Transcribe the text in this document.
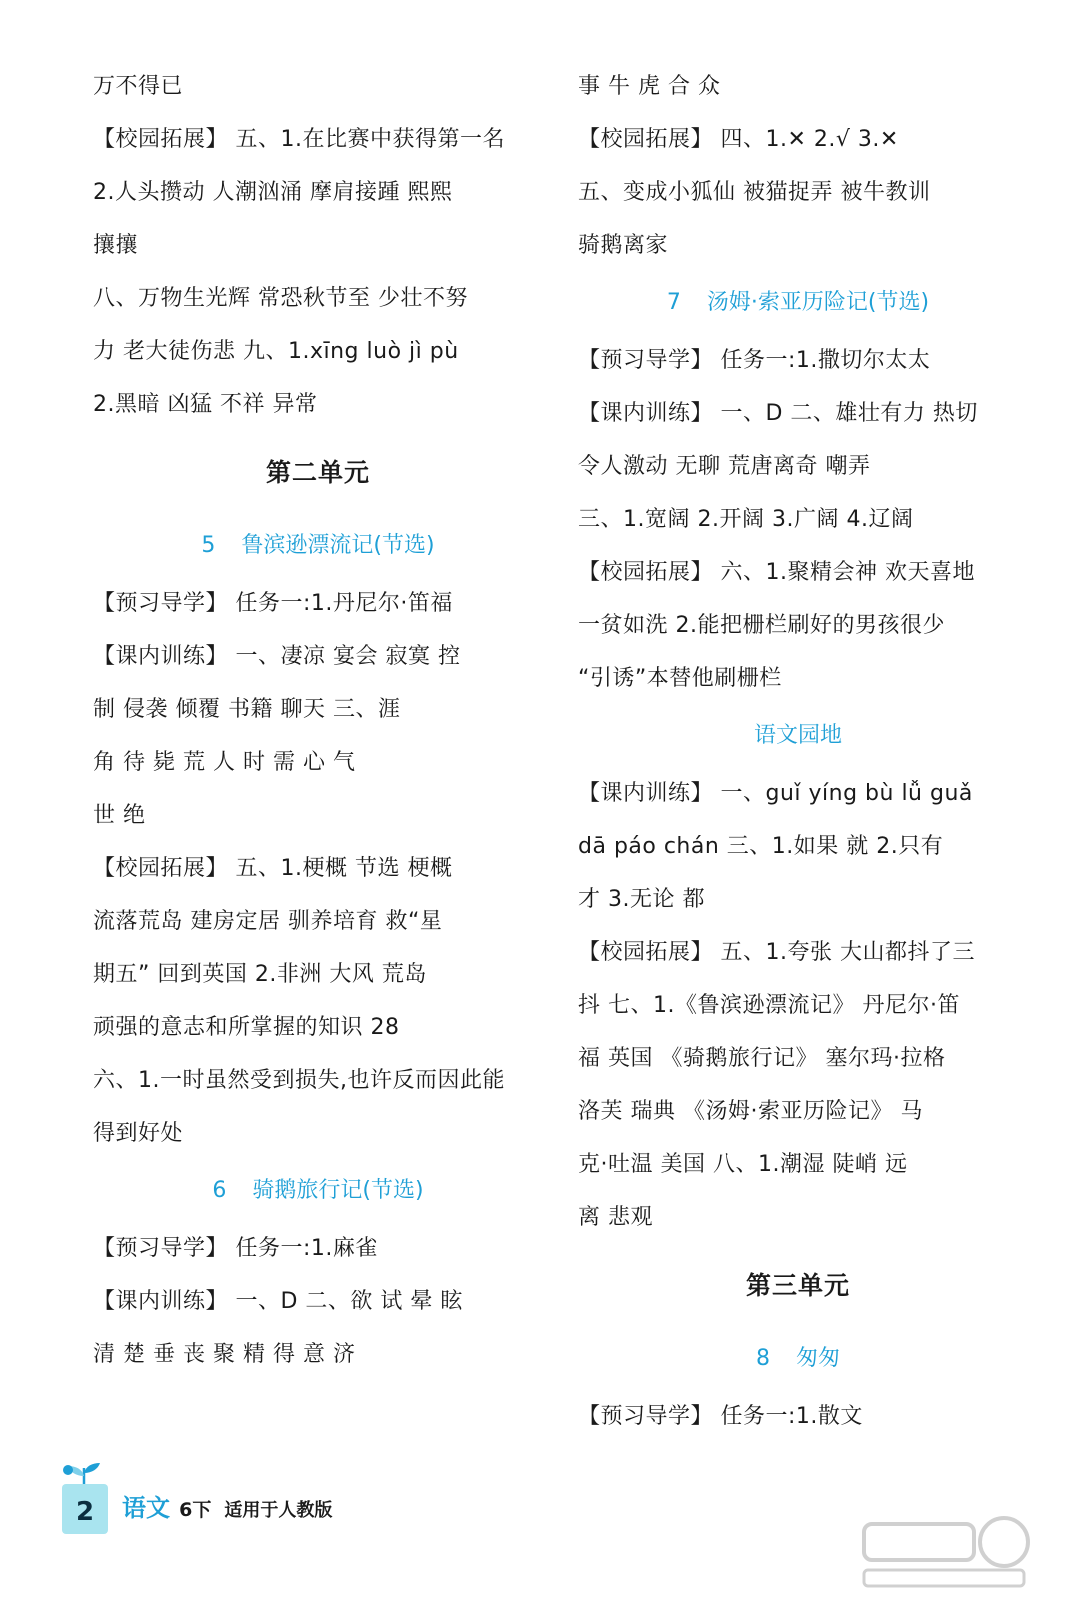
万不得已
【校园拓展】 五、1.在比赛中获得第一名
2.人头攒动 人潮汹涌 摩肩接踵 熙熙
攘攘
八、万物生光辉 常恐秋节至 少壮不努
力 老大徒伤悲 九、1.xīng luò jì pù
2.黑暗 凶猛 不祥 异常
第二单元
5 鲁滨逊漂流记(节选)
【预习导学】 任务一:1.丹尼尔·笛福
【课内训练】 一、凄凉 宴会 寂寞 控
制 侵袭 倾覆 书籍 聊天 三、涯
角 待 毙 荒 人 时 需 心 气
世 绝
【校园拓展】 五、1.梗概 节选 梗概
流落荒岛 建房定居 驯养培育 救“星
期五” 回到英国 2.非洲 大风 荒岛
顽强的意志和所掌握的知识 28
六、1.一时虽然受到损失,也许反而因此能
得到好处
6 骑鹅旅行记(节选)
【预习导学】 任务一:1.麻雀
【课内训练】 一、D 二、欲 试 晕 眩
清 楚 垂 丧 聚 精 得 意 济
事 牛 虎 合 众
【校园拓展】 四、1.✕ 2.√ 3.✕
五、变成小狐仙 被猫捉弄 被牛教训
骑鹅离家
7 汤姆·索亚历险记(节选)
【预习导学】 任务一:1.撒切尔太太
【课内训练】 一、D 二、雄壮有力 热切
令人激动 无聊 荒唐离奇 嘲弄
三、1.宽阔 2.开阔 3.广阔 4.辽阔
【校园拓展】 六、1.聚精会神 欢天喜地
一贫如洗 2.能把栅栏刷好的男孩很少
“引诱”本替他刷栅栏
语文园地
【课内训练】 一、guǐ yíng bù lǚ guǎ
dā páo chán 三、1.如果 就 2.只有
才 3.无论 都
【校园拓展】 五、1.夸张 大山都抖了三
抖 七、1.《鲁滨逊漂流记》 丹尼尔·笛
福 英国 《骑鹅旅行记》 塞尔玛·拉格
洛芙 瑞典 《汤姆·索亚历险记》 马
克·吐温 美国 八、1.潮湿 陡峭 远
离 悲观
第三单元
8 匆匆
【预习导学】 任务一:1.散文
2	语文 6下 适用于人教版
